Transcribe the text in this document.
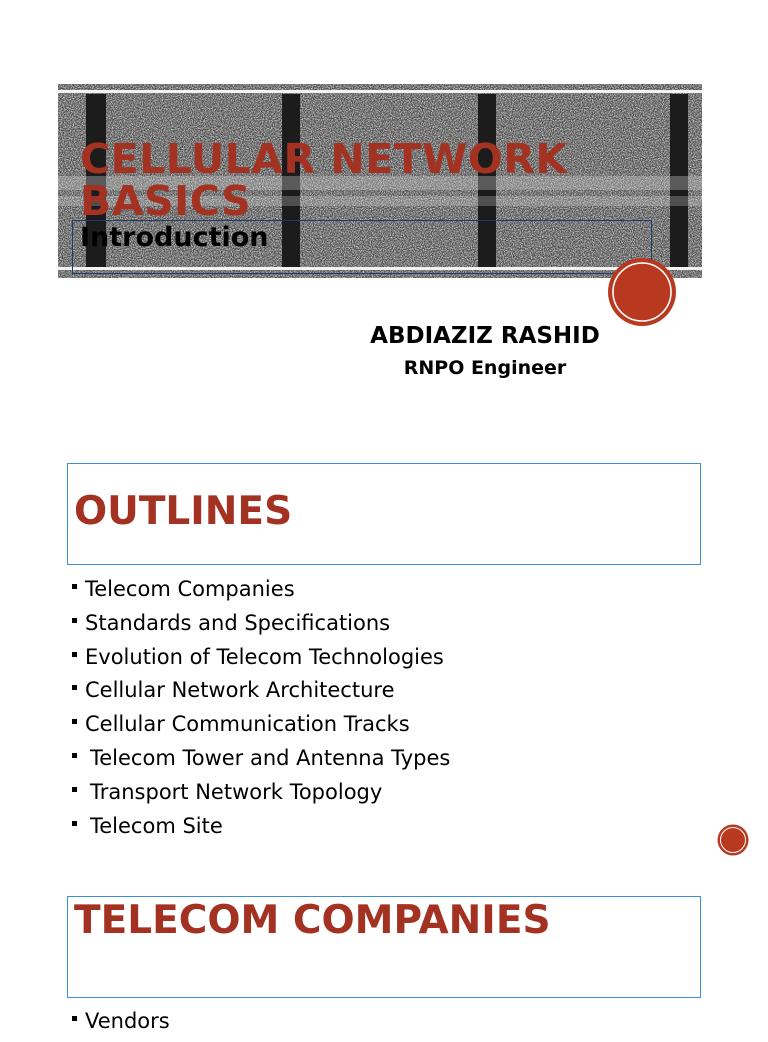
CELLULAR NETWORK BASICS
Introduction
ABDIAZIZ RASHID
RNPO Engineer
OUTLINES
Telecom Companies
Standards and Specifications
Evolution of Telecom Technologies
Cellular Network Architecture
Cellular Communication Tracks
Telecom Tower and Antenna Types
Transport Network Topology
Telecom Site
TELECOM COMPANIES
Vendors
